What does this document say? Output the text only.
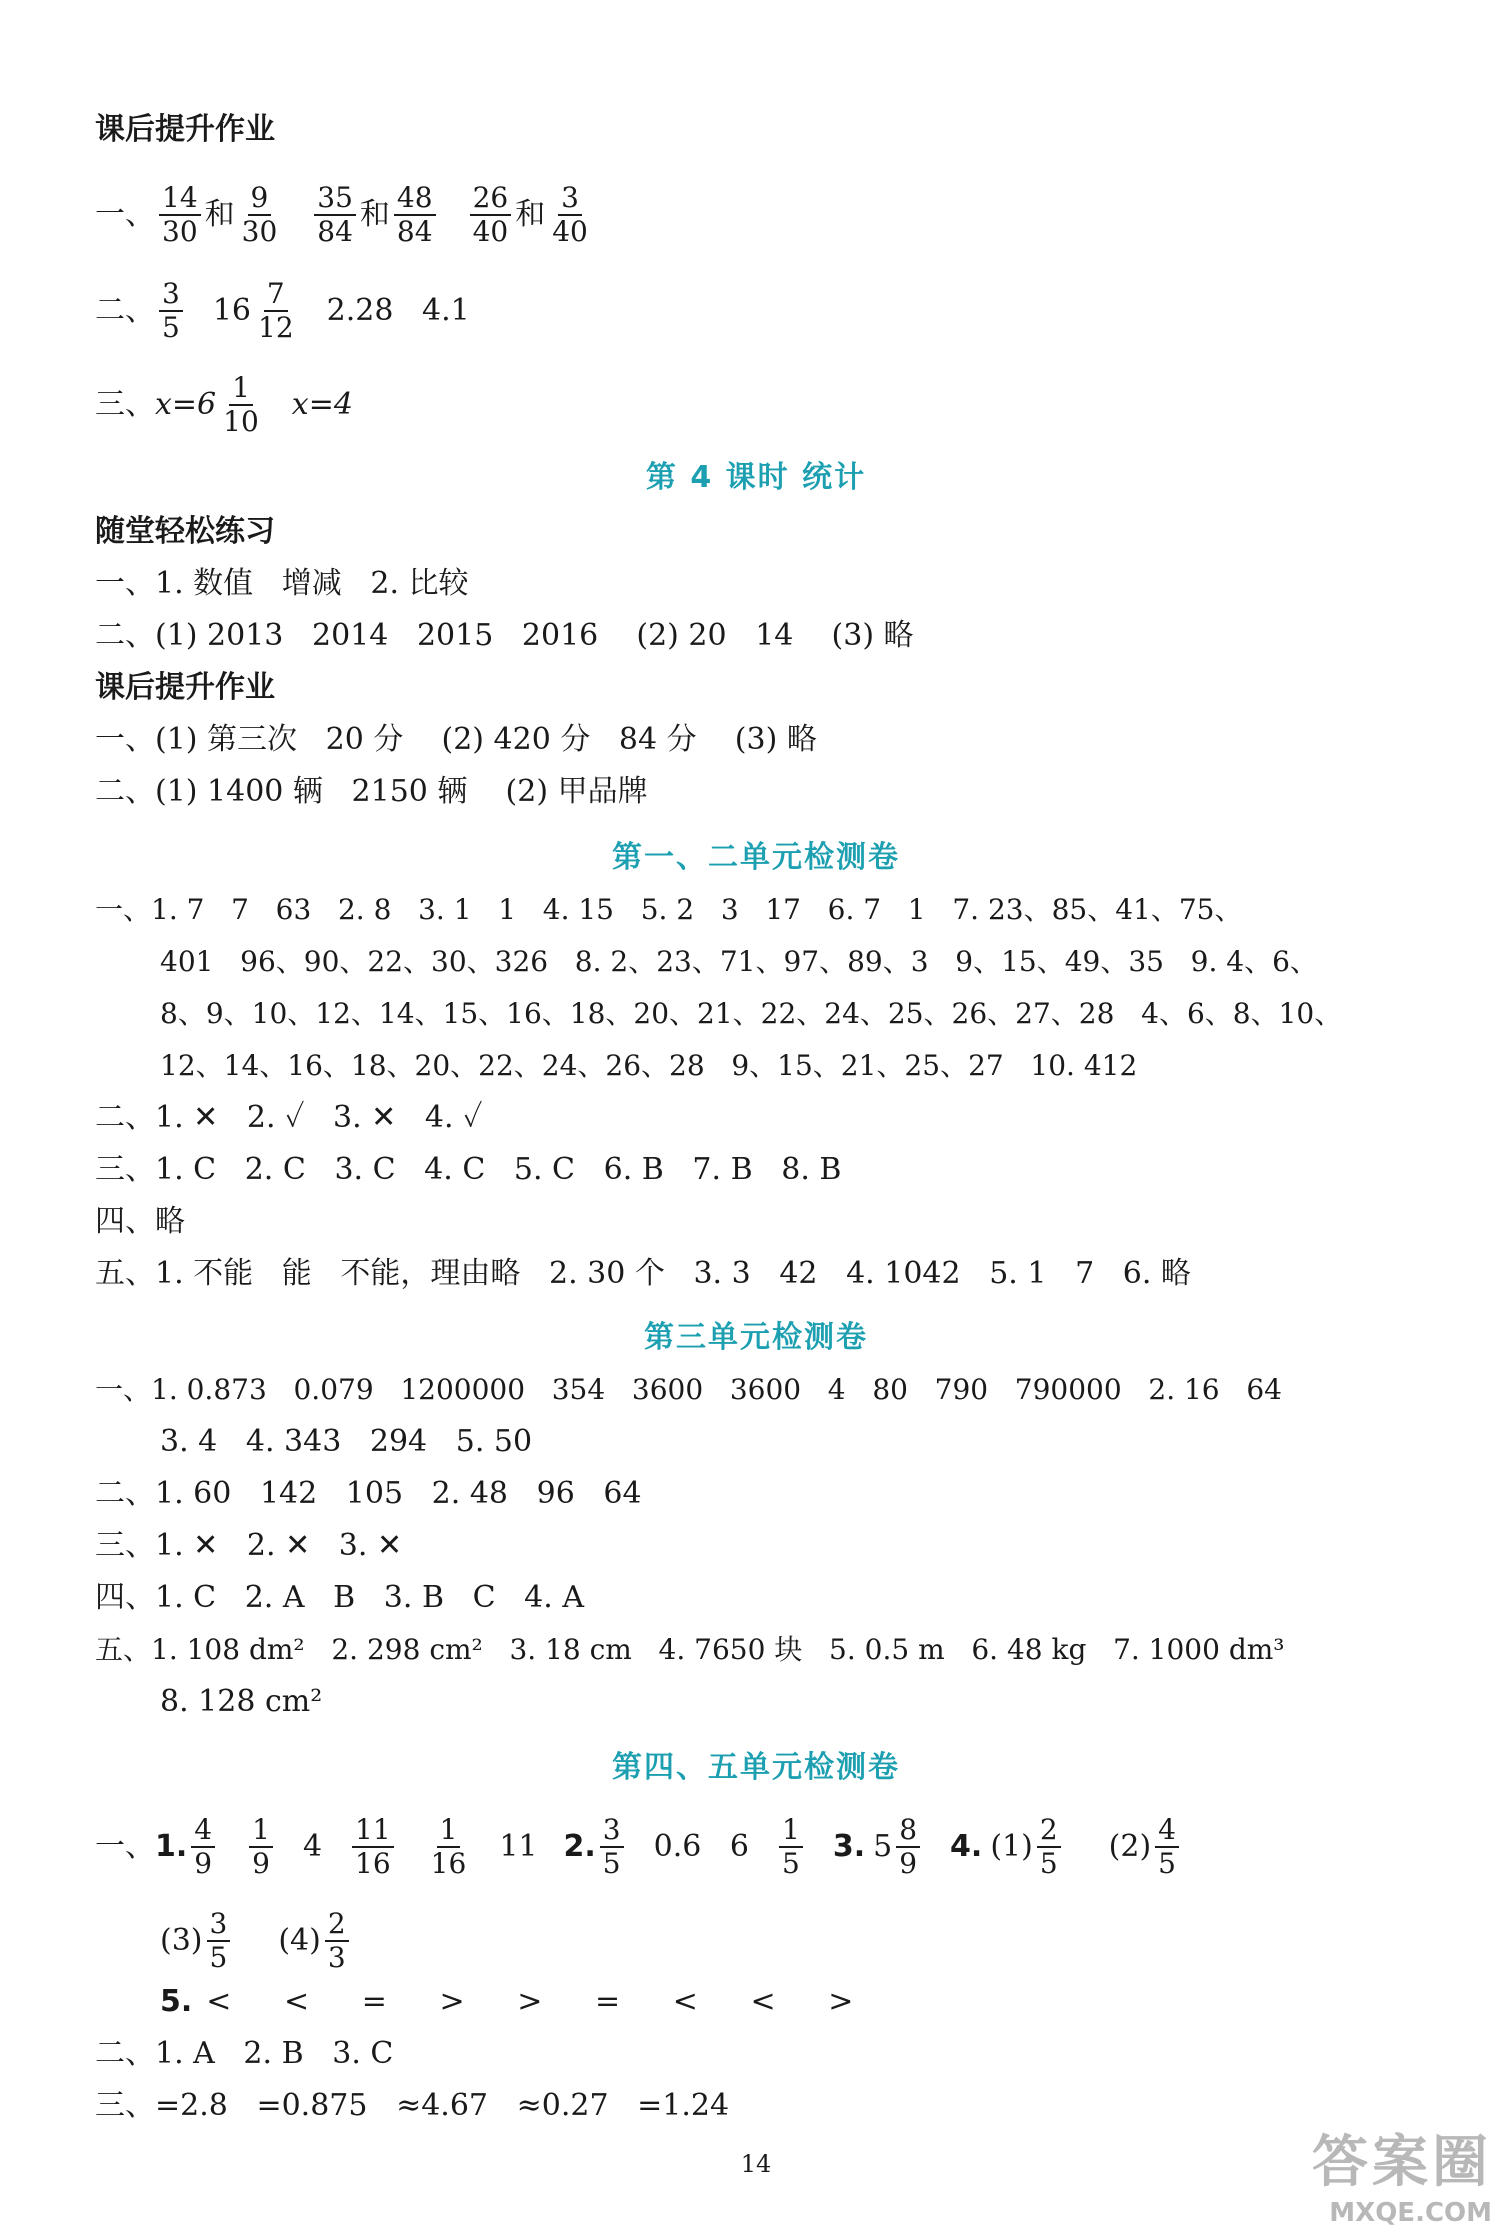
课后提升作业
一、 $\frac{14}{30}$ 和 $\frac{9}{30} \frac{35}{84}$ 和 $\frac{48}{84} \frac{26}{40}$ 和 $\frac{3}{40}$
二、 $\frac{3}{5} 16 \frac{7}{12} 2.28$   4.1
三、 $x=6 \frac{1}{10} x=4$
第 4 课时 统计
随堂轻松练习
一、 1. 数值   增减   2. 比较
二、 (1) 2013   2014   2015   2016    (2) 20   14    (3) 略
课后提升作业
一、 (1) 第三次   20 分    (2) 420 分   84 分    (3) 略
二、 (1) 1400 辆   2150 辆    (2) 甲品牌
第一、二单元检测卷
一、1. 7   7   63   2. 8   3. 1   1   4. 15   5. 2   3   17   6. 7   1   7. 23、85、41、75、
401   96、90、22、30、326   8. 2、23、71、97、89、3   9、15、49、35   9. 4、6、
8、9、10、12、14、15、16、18、20、21、22、24、25、26、27、28   4、6、8、10、
12、14、16、18、20、22、24、26、28   9、15、21、25、27   10. 412
二、1. ✕   2. ✓   3. ✕   4. ✓
三、1. C   2. C   3. C   4. C   5. C   6. B   7. B   8. B
四、略
五、1. 不能   能   不能，理由略   2. 30 个   3. 3   42   4. 1042   5. 1   7   6. 略
第三单元检测卷
一、1. 0.873   0.079   1200000   354   3600   3600   4   80   790   790000   2. 16   64
3. 4   4. 343   294   5. 50
二、1. 60   142   105   2. 48   96   64
三、1. ✕   2. ✕   3. ✕
四、1. C   2. A   B   3. B   C   4. A
五、1. 108 dm²   2. 298 cm²   3. 18 cm   4. 7650 块   5. 0.5 m   6. 48 kg   7. 1000 dm³
8. 128 cm²
第四、五单元检测卷
一、 1. $\frac{4}{9} \frac{1}{9} 4 \frac{11}{16} \frac{1}{16} 11$ 2. $\frac{3}{5} 0.6$   $6 \frac{1}{5} 3$. $5 \frac{8}{9} 4$. $(1) \frac{2}{5} (2) \frac{4}{5}$
$(3) \frac{3}{5} (4) \frac{2}{3}$
5. <   <   =   >   >   =   <   <   >
二、1. A   2. B   3. C
三、=2.8   =0.875   ≈4.67   ≈0.27   =1.24
14	答案圈
MXQE.COM
